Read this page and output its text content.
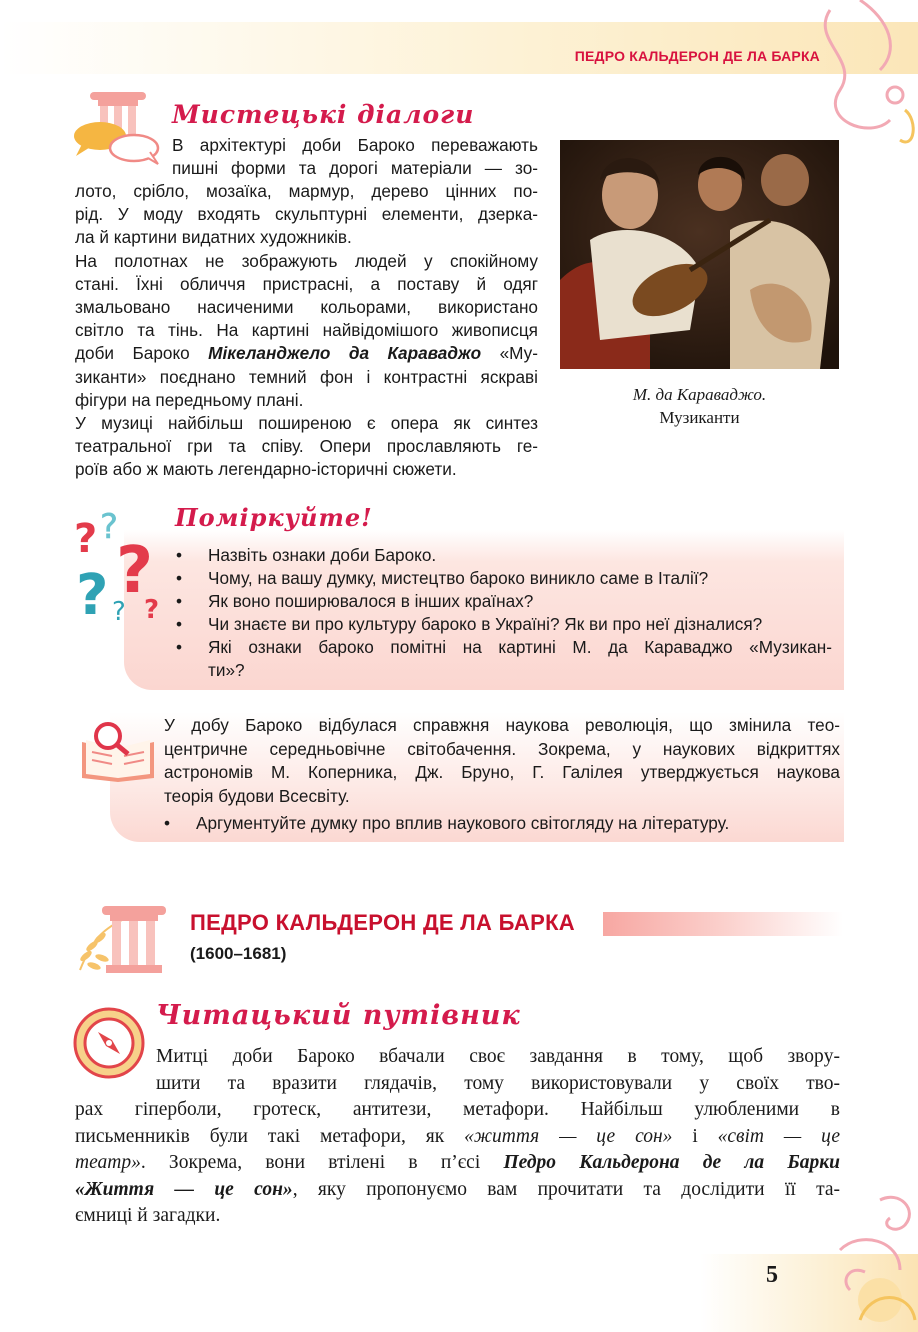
ПЕДРО КАЛЬДЕРОН ДЕ ЛА БАРКА
Мистецькі діалоги
В архітектурі доби Бароко переважають
пишні форми та дорогі матеріали — зо-
лото, срібло, мозаїка, мармур, дерево цінних по-
рід. У моду входять скульптурні елементи, дзерка-
ла й картини видатних художників.
На полотнах не зображують людей у спокійному
стані. Їхні обличчя пристрасні, а поставу й одяг
змальовано насиченими кольорами, використано
світло та тінь. На картині найвідомішого живописця
доби Бароко Мікеланджело да Караваджо «Му-
зиканти» поєднано темний фон і контрастні яскраві
фігури на передньому плані.
У музиці найбільш поширеною є опера як синтез
театральної гри та співу. Опери прославляють ге-
роїв або ж мають легендарно-історичні сюжети.
М. да Караваджо.
Музиканти
? ?
?
? ? ?
Поміркуйте!
• Назвіть ознаки доби Бароко.
• Чому, на вашу думку, мистецтво бароко виникло саме в Італії?
• Як воно поширювалося в інших країнах?
• Чи знаєте ви про культуру бароко в Україні? Як ви про неї дізналися?
• Які ознаки бароко помітні на картині М. да Караваджо «Музикан-
ти»?
У добу Бароко відбулася справжня наукова революція, що змінила тео-
центричне середньовічне світобачення. Зокрема, у наукових відкриттях
астрономів М. Коперника, Дж. Бруно, Г. Галілея утверджується наукова
теорія будови Всесвіту.
• Аргументуйте думку про вплив наукового світогляду на літературу.
ПЕДРО КАЛЬДЕРОН ДЕ ЛА БАРКА
(1600–1681)
Читацький путівник
Митці доби Бароко вбачали своє завдання в тому, щоб зворy-
шити та вразити глядачів, тому використовували у своїх тво-
рах гіперболи, гротеск, антитези, метафори. Найбільш улюбленими в
письменників були такі метафори, як «життя — це сон» і «світ — це
театр». Зокрема, вони втілені в п’єсі Педро Кальдерона де ла Барки
«Життя — це сон», яку пропонуємо вам прочитати та дослідити її та-
ємниці й загадки.
5
